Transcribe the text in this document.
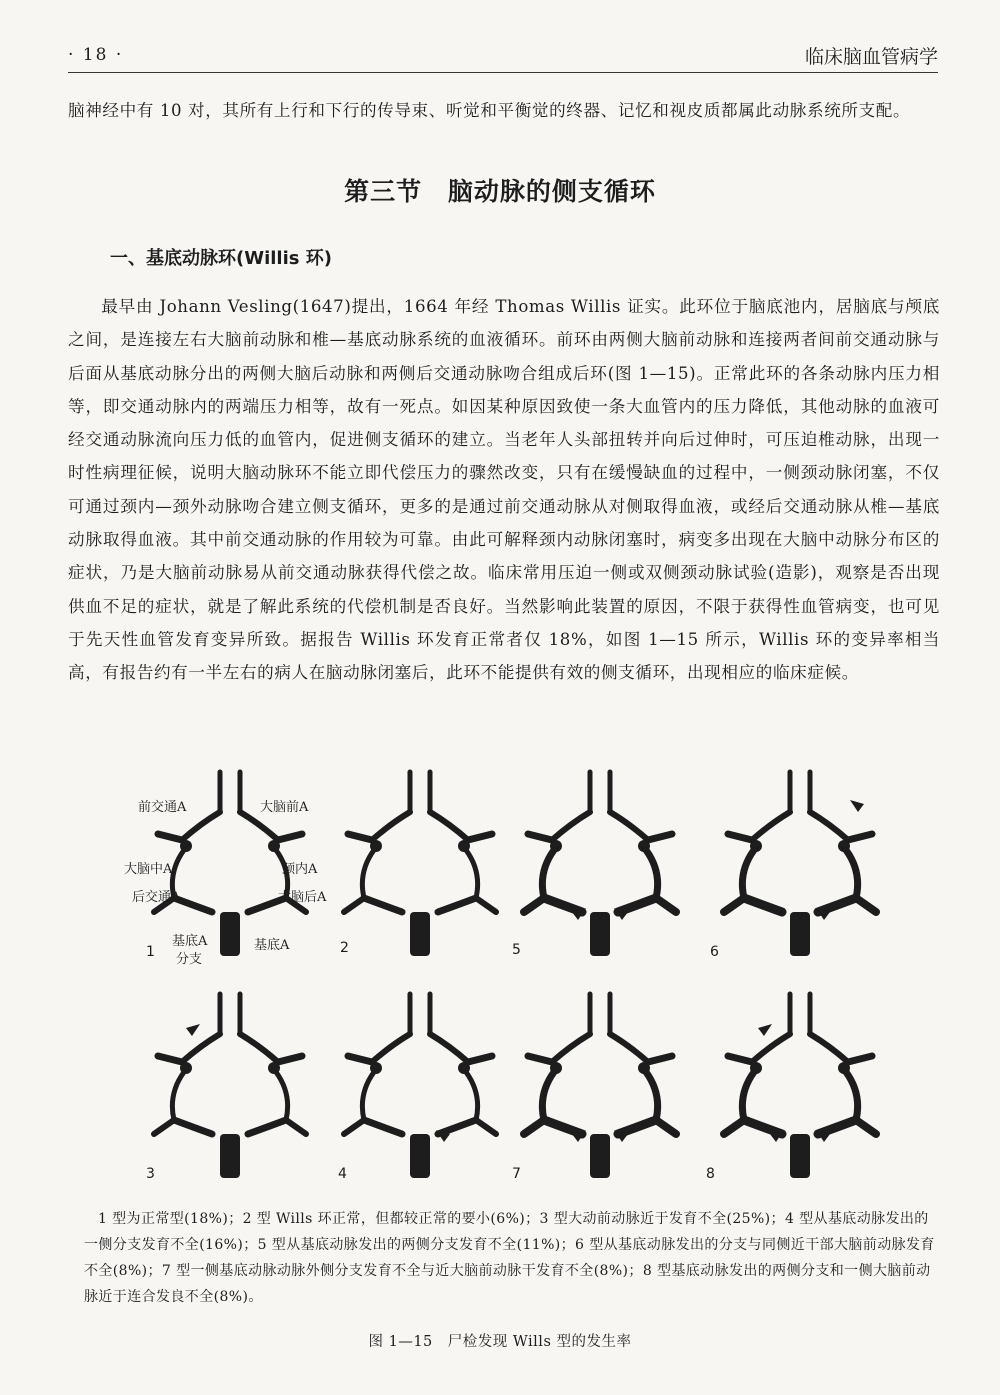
· 18 ·	临床脑血管病学

脑神经中有 10 对，其所有上行和下行的传导束、听觉和平衡觉的终器、记忆和视皮质都属此动脉系统所支配。

第三节 脑动脉的侧支循环
一、基底动脉环(Willis 环)

最早由 Johann Vesling(1647)提出，1664 年经 Thomas Willis 证实。此环位于脑底池内，居脑底与颅底之间，是连接左右大脑前动脉和椎—基底动脉系统的血液循环。前环由两侧大脑前动脉和连接两者间前交通动脉与后面从基底动脉分出的两侧大脑后动脉和两侧后交通动脉吻合组成后环(图 1—15)。正常此环的各条动脉内压力相等，即交通动脉内的两端压力相等，故有一死点。如因某种原因致使一条大血管内的压力降低，其他动脉的血液可经交通动脉流向压力低的血管内，促进侧支循环的建立。当老年人头部扭转并向后过伸时，可压迫椎动脉，出现一时性病理征候，说明大脑动脉环不能立即代偿压力的骤然改变，只有在缓慢缺血的过程中，一侧颈动脉闭塞，不仅可通过颈内—颈外动脉吻合建立侧支循环，更多的是通过前交通动脉从对侧取得血液，或经后交通动脉从椎—基底动脉取得血液。其中前交通动脉的作用较为可靠。由此可解释颈内动脉闭塞时，病变多出现在大脑中动脉分布区的症状，乃是大脑前动脉易从前交通动脉获得代偿之故。临床常用压迫一侧或双侧颈动脉试验(造影)，观察是否出现供血不足的症状，就是了解此系统的代偿机制是否良好。当然影响此装置的原因，不限于获得性血管病变，也可见于先天性血管发育变异所致。据报告 Willis 环发育正常者仅 18%，如图 1—15 所示，Willis 环的变异率相当高，有报告约有一半左右的病人在脑动脉闭塞后，此环不能提供有效的侧支循环，出现相应的临床症候。

前交通A	大脑前A
大脑中A	颈内A
后交通A	大脑后A
基底A
分支
基底A
1	2	5	6
3	4	7	8

1 型为正常型(18%)；2 型 Wills 环正常，但都较正常的要小(6%)；3 型大动前动脉近于发育不全(25%)；4 型从基底动脉发出的一侧分支发育不全(16%)；5 型从基底动脉发出的两侧分支发育不全(11%)；6 型从基底动脉发出的分支与同侧近干部大脑前动脉发育不全(8%)；7 型一侧基底动脉动脉外侧分支发育不全与近大脑前动脉干发育不全(8%)；8 型基底动脉发出的两侧分支和一侧大脑前动脉近于连合发良不全(8%)。

图 1—15　尸检发现 Wills 型的发生率
